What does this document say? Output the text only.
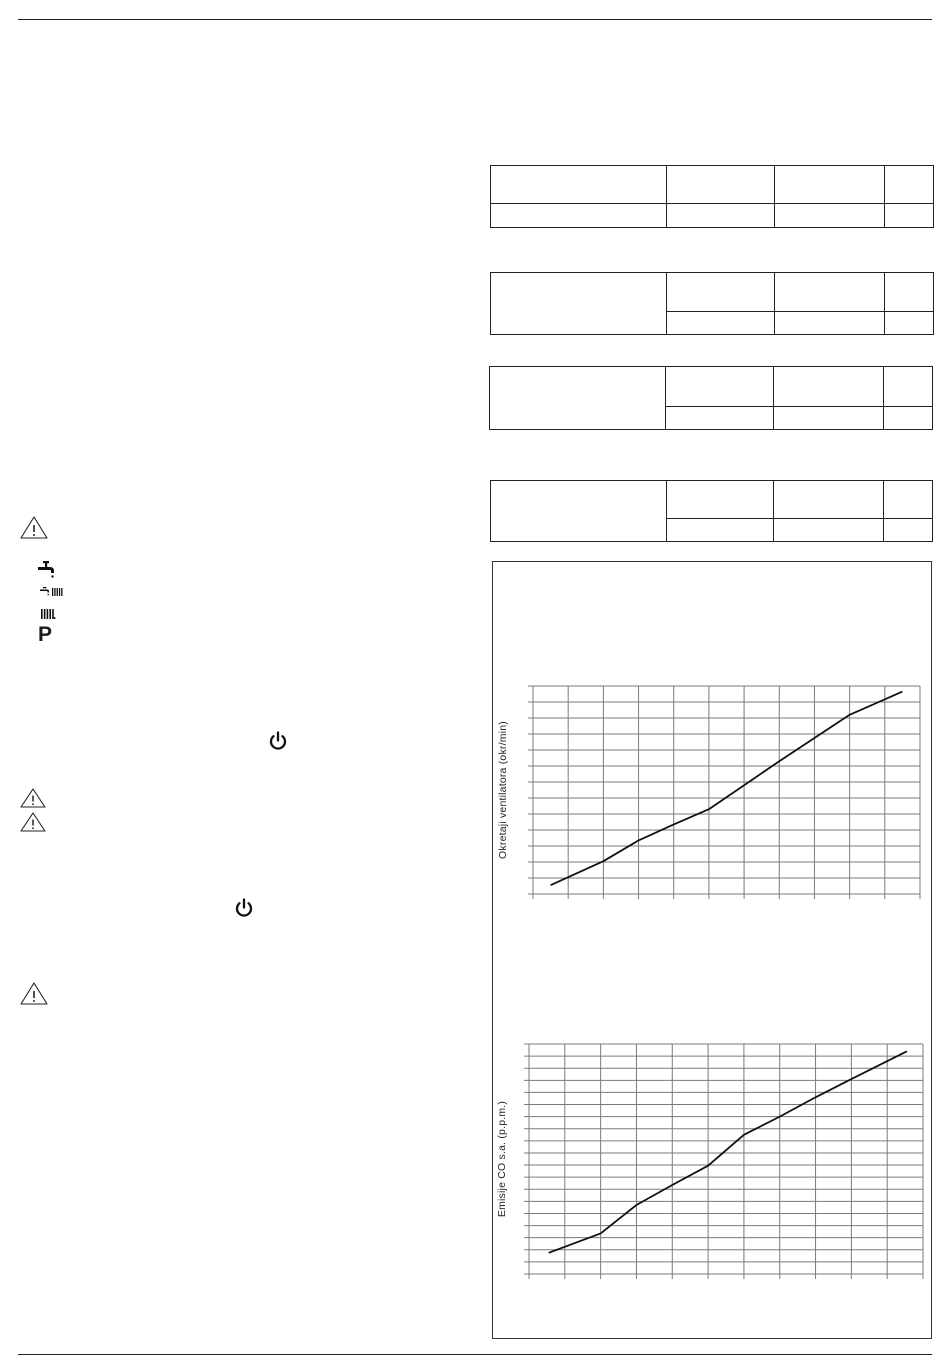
P
Okretaji ventilatora (okr/min)
Emisije CO s.a. (p.p.m.)
